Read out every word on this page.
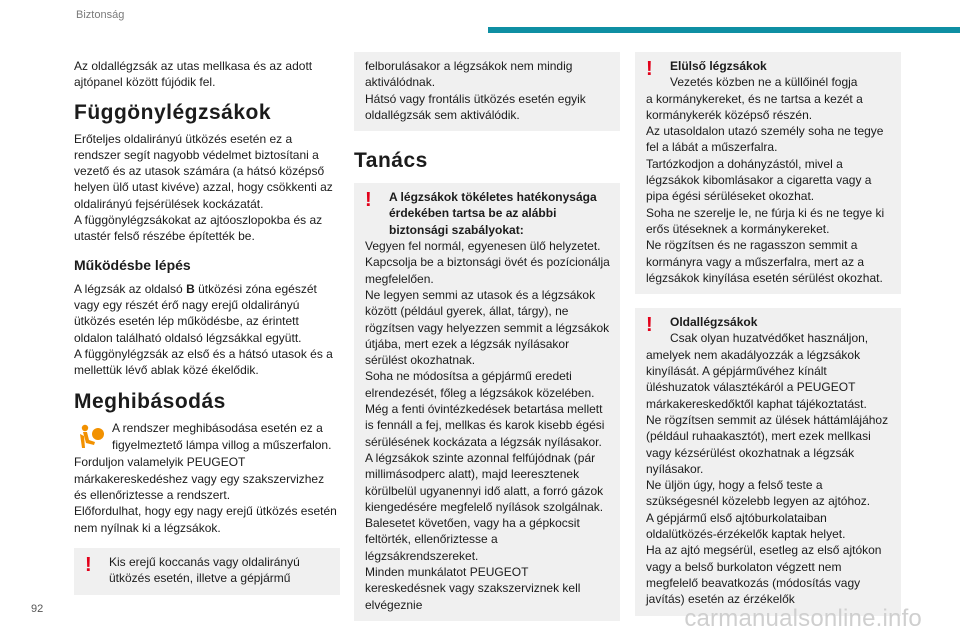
Biztonság

Az oldallégzsák az utas mellkasa és az adott ajtópanel között fújódik fel.

Függönylégzsákok

Erőteljes oldalirányú ütközés esetén ez a rendszer segít nagyobb védelmet biztosítani a vezető és az utasok számára (a hátsó középső helyen ülő utast kivéve) azzal, hogy csökkenti az oldalirányú fejsérülések kockázatát.
A függönylégzsákokat az ajtóoszlopokba és az utastér felső részébe építették be.

Működésbe lépés

A légzsák az oldalsó B ütközési zóna egészét vagy egy részét érő nagy erejű oldalirányú ütközés esetén lép működésbe, az érintett oldalon található oldalsó légzsákkal együtt.
A függönylégzsák az első és a hátsó utasok és a mellettük lévő ablak közé ékelődik.

Meghibásodás

A rendszer meghibásodása esetén ez a figyelmeztető lámpa villog a műszerfalon.

Forduljon valamelyik PEUGEOT márkakereskedéshez vagy egy szakszervizhez és ellenőriztesse a rendszert.
Előfordulhat, hogy egy nagy erejű ütközés esetén nem nyílnak ki a légzsákok.

!	Kis erejű koccanás vagy oldalirányú ütközés esetén, illetve a gépjármű

felborulásakor a légzsákok nem mindig aktiválódnak.
Hátsó vagy frontális ütközés esetén egyik oldallégzsák sem aktiválódik.

Tanács
!	A légzsákok tökéletes hatékonysága érdekében tartsa be az alábbi biztonsági szabályokat:

Vegyen fel normál, egyenesen ülő helyzetet.
Kapcsolja be a biztonsági övét és pozícionálja megfelelően.
Ne legyen semmi az utasok és a légzsákok között (például gyerek, állat, tárgy), ne rögzítsen vagy helyezzen semmit a légzsákok útjába, mert ezek a légzsák nyílásakor sérülést okozhatnak.
Soha ne módosítsa a gépjármű eredeti elrendezését, főleg a légzsákok közelében.
Még a fenti óvintézkedések betartása mellett is fennáll a fej, mellkas és karok kisebb égési sérülésének kockázata a légzsák nyílásakor.
A légzsákok szinte azonnal felfújódnak (pár millimásodperc alatt), majd leeresztenek körülbelül ugyanennyi idő alatt, a forró gázok kiengedésére megfelelő nyílások szolgálnak.
Balesetet követően, vagy ha a gépkocsit feltörték, ellenőriztesse a légzsákrendszereket.
Minden munkálatot PEUGEOT kereskedésnek vagy szakszerviznek kell elvégeznie

!	Elülső légzsákok

Vezetés közben ne a küllőinél fogja

a kormánykereket, és ne tartsa a kezét a kormánykerék középső részén.
Az utasoldalon utazó személy soha ne tegye fel a lábát a műszerfalra.
Tartózkodjon a dohányzástól, mivel a légzsákok kibomlásakor a cigaretta vagy a pipa égési sérüléseket okozhat.
Soha ne szerelje le, ne fúrja ki és ne tegye ki erős ütéseknek a kormánykereket.
Ne rögzítsen és ne ragasszon semmit a kormányra vagy a műszerfalra, mert az a légzsákok kinyílása esetén sérülést okozhat.

!	Oldallégzsákok

Csak olyan huzatvédőket használjon,

amelyek nem akadályozzák a légzsákok kinyílását. A gépjárművéhez kínált üléshuzatok választékáról a PEUGEOT márkakereskedőktől kaphat tájékoztatást.
Ne rögzítsen semmit az ülések háttámlájához (például ruhaakasztót), mert ezek mellkasi vagy kézsérülést okozhatnak a légzsák nyílásakor.
Ne üljön úgy, hogy a felső teste a szükségesnél közelebb legyen az ajtóhoz.
A gépjármű első ajtóburkolataiban oldalütközés-érzékelők kaptak helyet.
Ha az ajtó megsérül, esetleg az első ajtókon vagy a belső burkolaton végzett nem megfelelő beavatkozás (módosítás vagy javítás) esetén az érzékelők

92	carmanualsonline.info
